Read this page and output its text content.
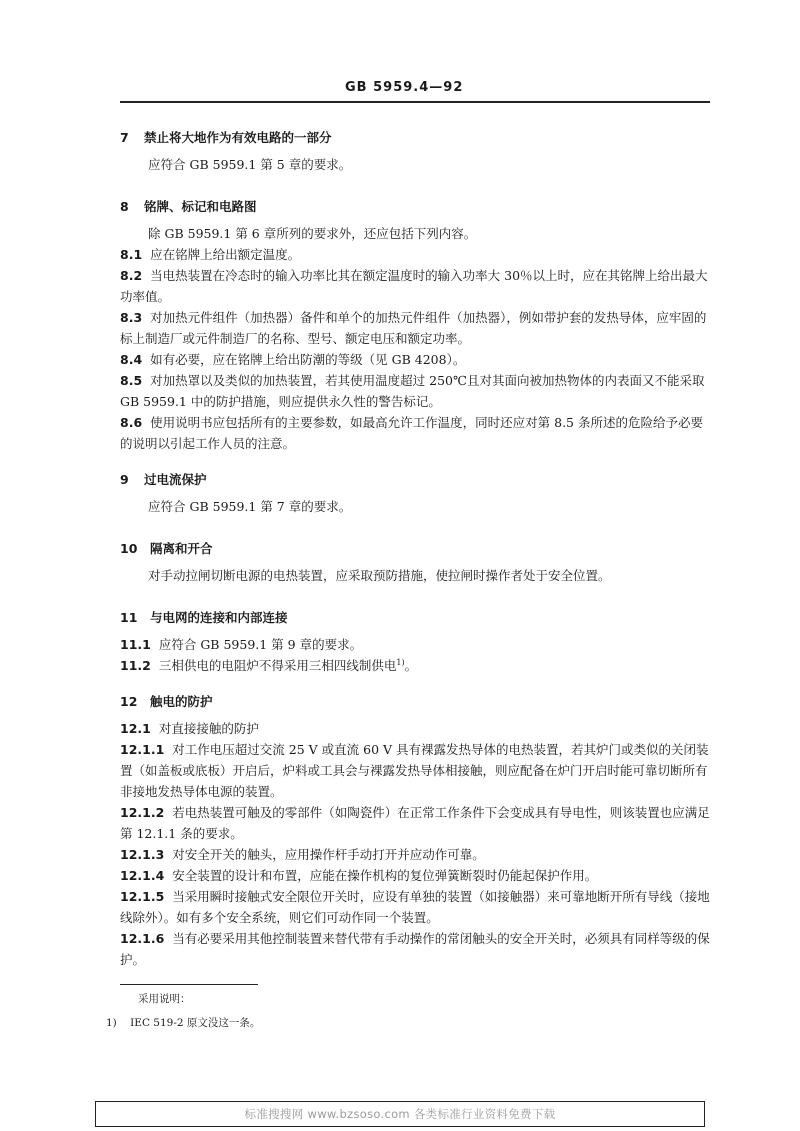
GB 5959.4—92
7	禁止将大地作为有效电路的一部分

应符合 GB 5959.1 第 5 章的要求。

8	铭牌、标记和电路图

除 GB 5959.1 第 6 章所列的要求外，还应包括下列内容。

8.1 应在铭牌上给出额定温度。

8.2 当电热装置在冷态时的输入功率比其在额定温度时的输入功率大 30％以上时，应在其铭牌上给出最大功率值。

8.3 对加热元件组件（加热器）备件和单个的加热元件组件（加热器），例如带护套的发热导体，应牢固的标上制造厂或元件制造厂的名称、型号、额定电压和额定功率。

8.4 如有必要，应在铭牌上给出防潮的等级（见 GB 4208）。

8.5 对加热罩以及类似的加热装置，若其使用温度超过 250℃且对其面向被加热物体的内表面又不能采取 GB 5959.1 中的防护措施，则应提供永久性的警告标记。

8.6 使用说明书应包括所有的主要参数，如最高允许工作温度，同时还应对第 8.5 条所述的危险给予必要的说明以引起工作人员的注意。

9	过电流保护

应符合 GB 5959.1 第 7 章的要求。

10	隔离和开合

对手动拉闸切断电源的电热装置，应采取预防措施，使拉闸时操作者处于安全位置。

11	与电网的连接和内部连接

11.1 应符合 GB 5959.1 第 9 章的要求。

11.2 三相供电的电阻炉不得采用三相四线制供电$^{1)}$。

12	触电的防护

12.1 对直接接触的防护

12.1.1 对工作电压超过交流 25 V 或直流 60 V 具有裸露发热导体的电热装置，若其炉门或类似的关闭装置（如盖板或底板）开启后，炉料或工具会与裸露发热导体相接触，则应配备在炉门开启时能可靠切断所有非接地发热导体电源的装置。

12.1.2 若电热装置可触及的零部件（如陶瓷件）在正常工作条件下会变成具有导电性，则该装置也应满足第 12.1.1 条的要求。

12.1.3 对安全开关的触头，应用操作杆手动打开并应动作可靠。

12.1.4 安全装置的设计和布置，应能在操作机构的复位弹簧断裂时仍能起保护作用。

12.1.5 当采用瞬时接触式安全限位开关时，应设有单独的装置（如接触器）来可靠地断开所有导线（接地线除外）。如有多个安全系统，则它们可动作同一个装置。

12.1.6 当有必要采用其他控制装置来替代带有手动操作的常闭触头的安全开关时，必须具有同样等级的保护。

采用说明：
1) IEC 519-2 原文没这一条。
标准搜搜网 www.bzsoso.com 各类标准行业资料免费下载
